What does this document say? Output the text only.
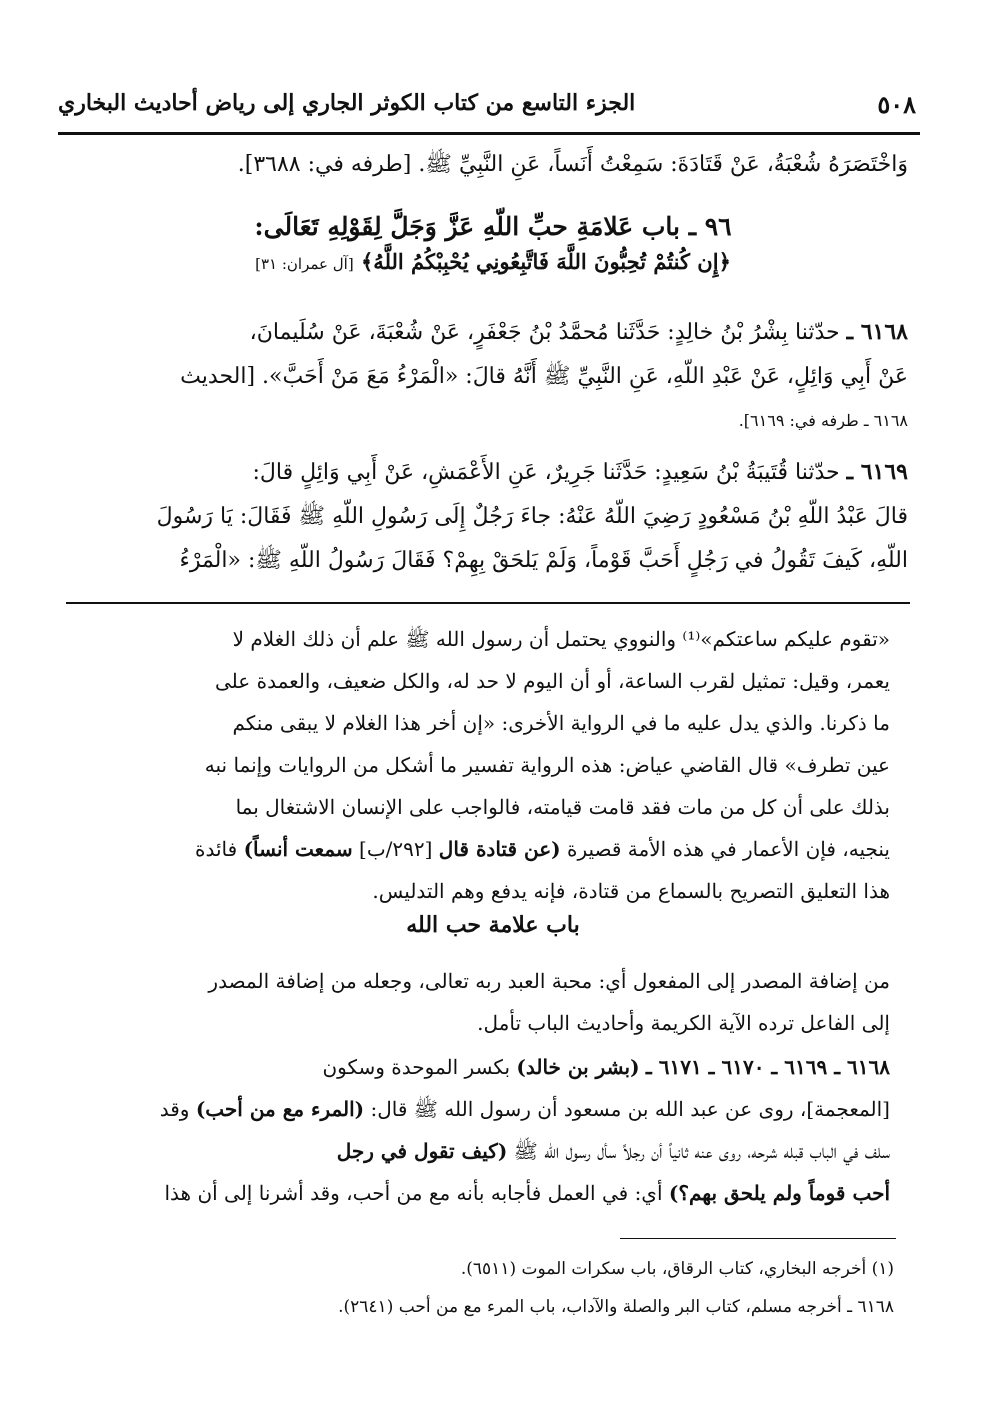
٥٠٨
الجزء التاسع من كتاب الكوثر الجاري إلى رياض أحاديث البخاري
وَاخْتَصَرَهُ شُعْبَةُ، عَنْ قَتَادَةَ: سَمِعْتُ أَنَساً، عَنِ النَّبِيِّ ﷺ. [طرفه في: ٣٦٨٨].
٩٦ ـ باب عَلامَةِ حبِّ اللّهِ عَزَّ وَجَلَّ لِقَوْلِهِ تَعَالَى:
﴿إِن كُنتُمْ تُحِبُّونَ اللَّهَ فَاتَّبِعُونِي يُحْبِبْكُمُ اللَّهُ﴾ [آل عمران: ٣١]
٦١٦٨ ـ حدّثنا بِشْرُ بْنُ خالِدٍ: حَدَّثَنا مُحمَّدُ بْنُ جَعْفَرٍ، عَنْ شُعْبَةَ، عَنْ سُلَيمانَ،
عَنْ أَبِي وَائِلٍ، عَنْ عَبْدِ اللّهِ، عَنِ النَّبِيِّ ﷺ أَنَّهُ قالَ: «الْمَرْءُ مَعَ مَنْ أَحَبَّ». [الحديث
٦١٦٨ ـ طرفه في: ٦١٦٩].
٦١٦٩ ـ حدّثنا قُتَيبَةُ بْنُ سَعِيدٍ: حَدَّثَنا جَرِيرٌ، عَنِ الأَعْمَشِ، عَنْ أَبِي وَائِلٍ قالَ:
قالَ عَبْدُ اللّهِ بْنُ مَسْعُودٍ رَضِيَ اللّهُ عَنْهُ: جاءَ رَجُلٌ إِلَى رَسُولِ اللّهِ ﷺ فَقَالَ: يَا رَسُولَ
اللّهِ، كَيفَ تَقُولُ في رَجُلٍ أَحَبَّ قَوْماً، وَلَمْ يَلحَقْ بِهِمْ؟ فَقَالَ رَسُولُ اللّهِ ﷺ: «الْمَرْءُ
«تقوم عليكم ساعتكم»⁽¹⁾ والنووي يحتمل أن رسول الله ﷺ علم أن ذلك الغلام لا
يعمر، وقيل: تمثيل لقرب الساعة، أو أن اليوم لا حد له، والكل ضعيف، والعمدة على
ما ذكرنا. والذي يدل عليه ما في الرواية الأخرى: «إن أخر هذا الغلام لا يبقى منكم
عين تطرف» قال القاضي عياض: هذه الرواية تفسير ما أشكل من الروايات وإنما نبه
بذلك على أن كل من مات فقد قامت قيامته، فالواجب على الإنسان الاشتغال بما
ينجيه، فإن الأعمار في هذه الأمة قصيرة (عن قتادة قال [٢٩٢/ب] سمعت أنساً) فائدة
هذا التعليق التصريح بالسماع من قتادة، فإنه يدفع وهم التدليس.
باب علامة حب الله
من إضافة المصدر إلى المفعول أي: محبة العبد ربه تعالى، وجعله من إضافة المصدر
إلى الفاعل ترده الآية الكريمة وأحاديث الباب تأمل.
٦١٦٨ ـ ٦١٦٩ ـ ٦١٧٠ ـ ٦١٧١ ـ (بشر بن خالد) بكسر الموحدة وسكون
[المعجمة]، روى عن عبد الله بن مسعود أن رسول الله ﷺ قال: (المرء مع من أحب) وقد
سلف في الباب قبله شرحه، روى عنه ثانياً أن رجلاً سأل رسول الله ﷺ (كيف تقول في رجل
أحب قوماً ولم يلحق بهم؟) أي: في العمل فأجابه بأنه مع من أحب، وقد أشرنا إلى أن هذا
(١) أخرجه البخاري، كتاب الرقاق، باب سكرات الموت (٦٥١١).
٦١٦٨ ـ أخرجه مسلم، كتاب البر والصلة والآداب، باب المرء مع من أحب (٢٦٤١).
